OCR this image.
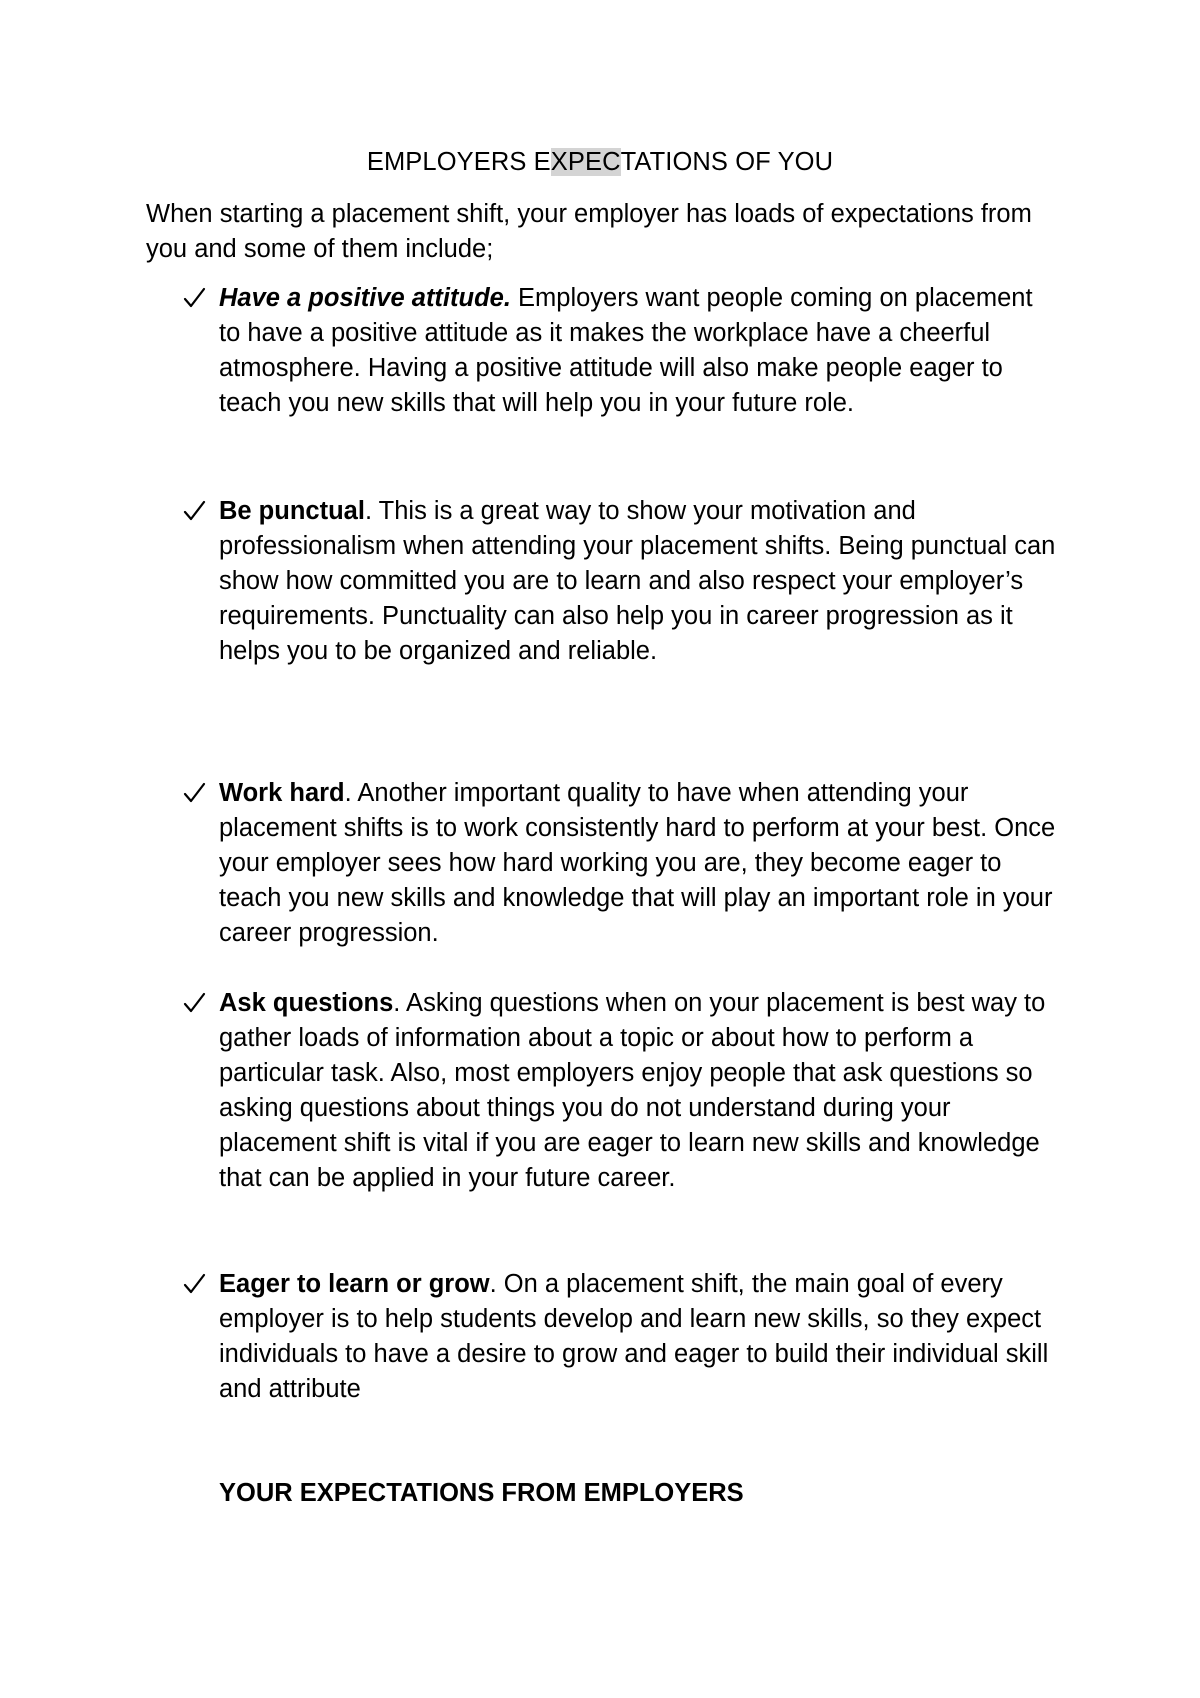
EMPLOYERS EXPECTATIONS OF YOU
When starting a placement shift, your employer has loads of expectations from you and some of them include;
Have a positive attitude. Employers want people coming on placement to have a positive attitude as it makes the workplace have a cheerful atmosphere. Having a positive attitude will also make people eager to teach you new skills that will help you in your future role.
Be punctual. This is a great way to show your motivation and professionalism when attending your placement shifts. Being punctual can show how committed you are to learn and also respect your employer’s requirements. Punctuality can also help you in career progression as it helps you to be organized and reliable.
Work hard. Another important quality to have when attending your placement shifts is to work consistently hard to perform at your best. Once your employer sees how hard working you are, they become eager to teach you new skills and knowledge that will play an important role in your career progression.
Ask questions. Asking questions when on your placement is best way to gather loads of information about a topic or about how to perform a particular task. Also, most employers enjoy people that ask questions so asking questions about things you do not understand during your placement shift is vital if you are eager to learn new skills and knowledge that can be applied in your future career.
Eager to learn or grow. On a placement shift, the main goal of every employer is to help students develop and learn new skills, so they expect individuals to have a desire to grow and eager to build their individual skill and attribute
YOUR EXPECTATIONS FROM EMPLOYERS
